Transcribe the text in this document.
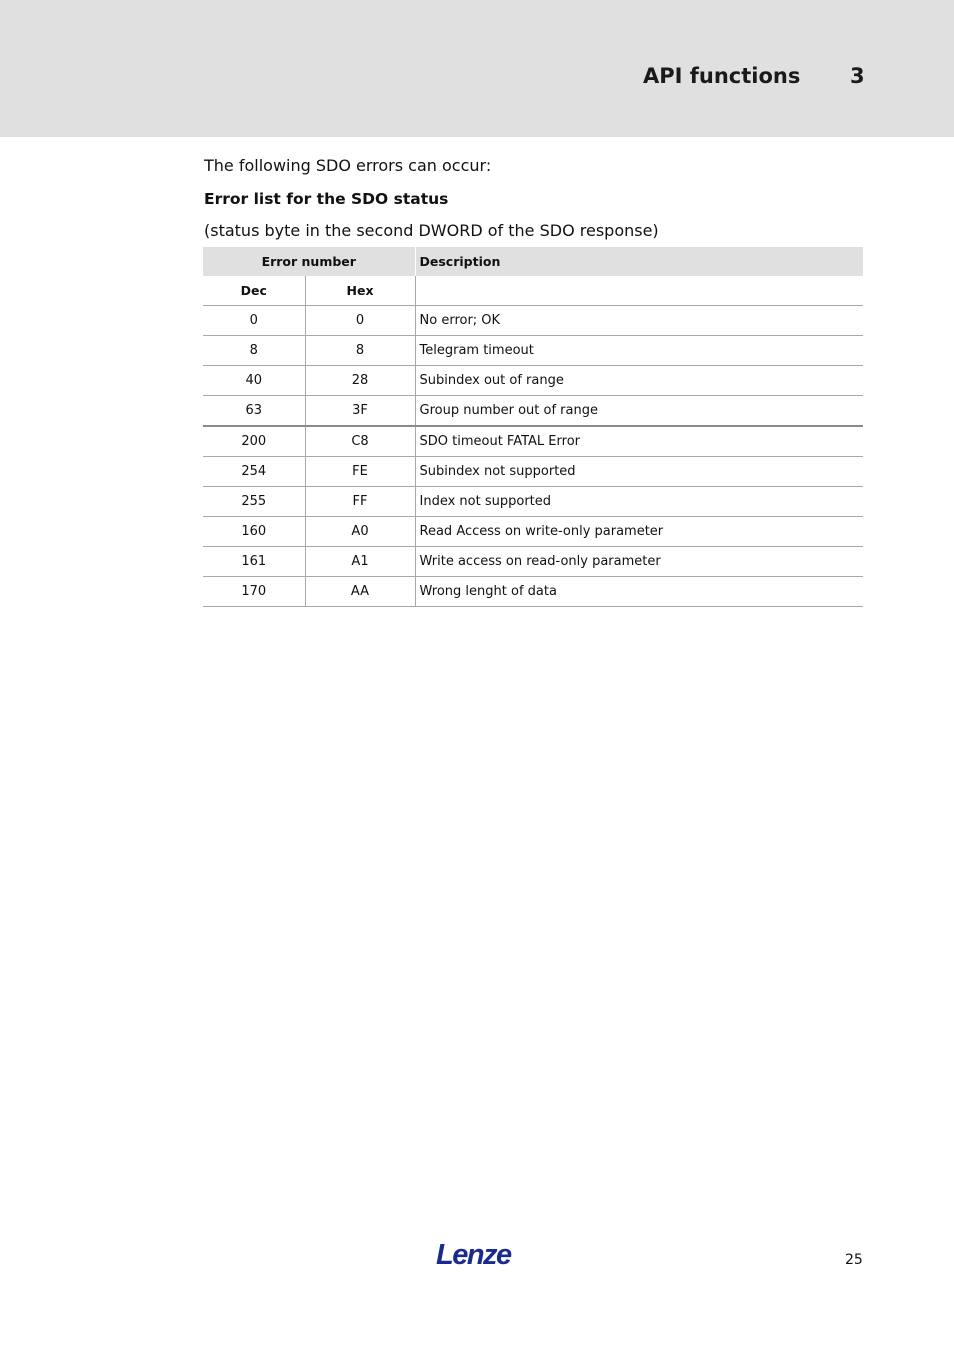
API functions 3
The following SDO errors can occur:
Error list for the SDO status
(status byte in the second DWORD of the SDO response)
Error number		Description
Dec	Hex	
0	0	No error; OK
8	8	Telegram timeout
40	28	Subindex out of range
63	3F	Group number out of range
200	C8	SDO timeout FATAL Error
254	FE	Subindex not supported
255	FF	Index not supported
160	A0	Read Access on write-only parameter
161	A1	Write access on read-only parameter
170	AA	Wrong lenght of data
Lenze	25
